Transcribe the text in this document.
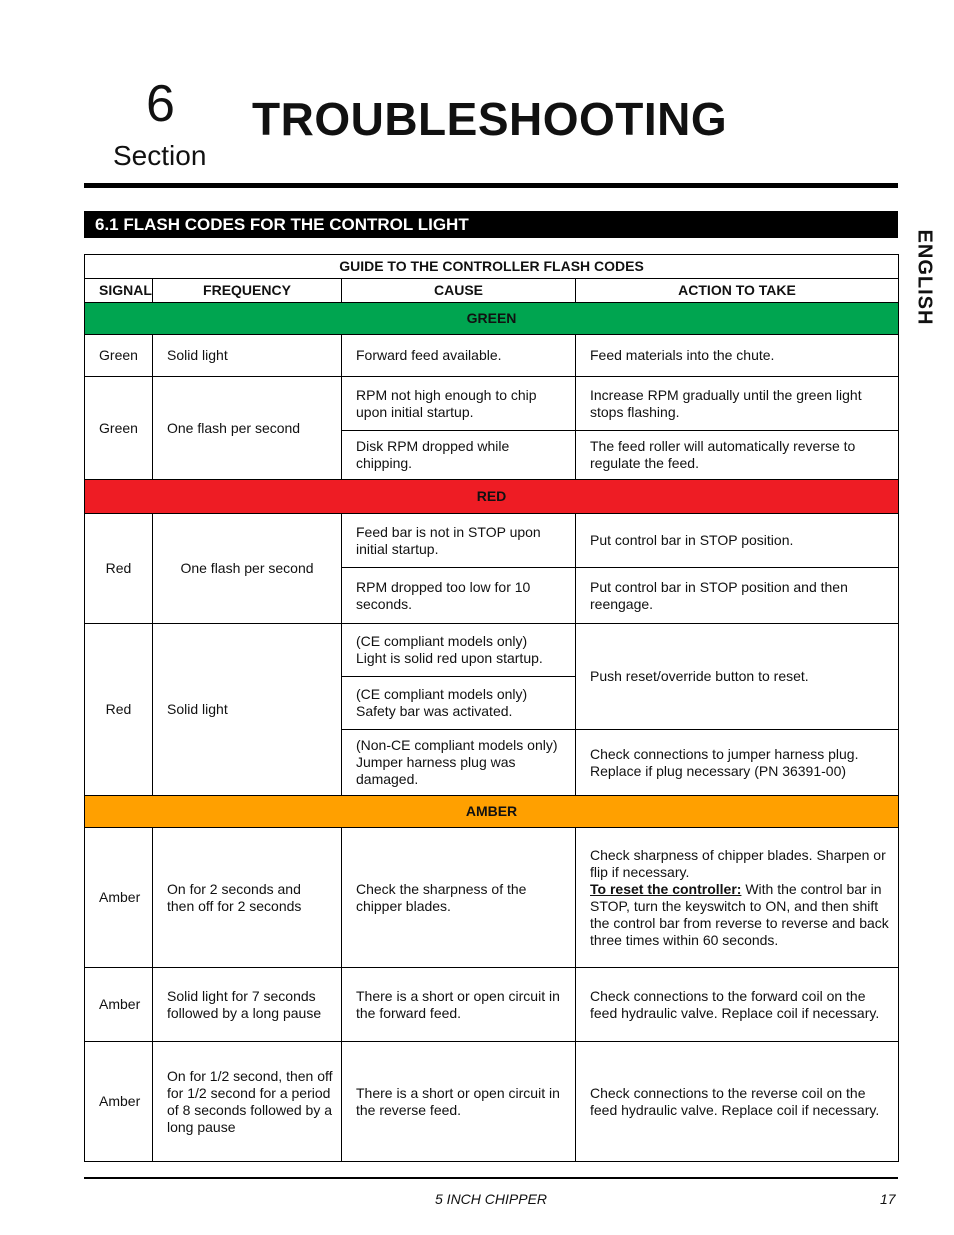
6
Section
TROUBLESHOOTING
6.1 FLASH CODES FOR THE CONTROL LIGHT
ENGLISH
GUIDE TO THE CONTROLLER FLASH CODES			
SIGNAL	FREQUENCY	CAUSE	ACTION TO TAKE
GREEN			
Green	Solid light	Forward feed available.	Feed materials into the chute.
Green	One flash per second	RPM not high enough to chip upon initial startup.	Increase RPM gradually until the green light stops flashing.
		Disk RPM dropped while chipping.	The feed roller will automatically reverse to regulate the feed.
RED			
Red	One flash per second	Feed bar is not in STOP upon initial startup.	Put control bar in STOP position.
		RPM dropped too low for 10 seconds.	Put control bar in STOP position and then reengage.
Red	Solid light	(CE compliant models only) Light is solid red upon startup.	Push reset/override button to reset.
		(CE compliant models only) Safety bar was activated.	
		(Non-CE compliant models only) Jumper harness plug was damaged.	Check connections to jumper harness plug. Replace if plug necessary (PN 36391-00)
AMBER			
Amber	On for 2 seconds and then off for 2 seconds	Check the sharpness of the chipper blades.	Check sharpness of chipper blades. Sharpen or flip if necessary.
To reset the controller: With the control bar in STOP, turn the keyswitch to ON, and then shift the control bar from reverse to reverse and back three times within 60 seconds.
Amber	Solid light for 7 seconds followed by a long pause	There is a short or open circuit in the forward feed.	Check connections to the forward coil on the feed hydraulic valve. Replace coil if necessary.
Amber	On for 1/2 second, then off for 1/2 second for a period of 8 seconds followed by a long pause	There is a short or open circuit in the reverse feed.	Check connections to the reverse coil on the feed hydraulic valve. Replace coil if necessary.
5 INCH CHIPPER	17
